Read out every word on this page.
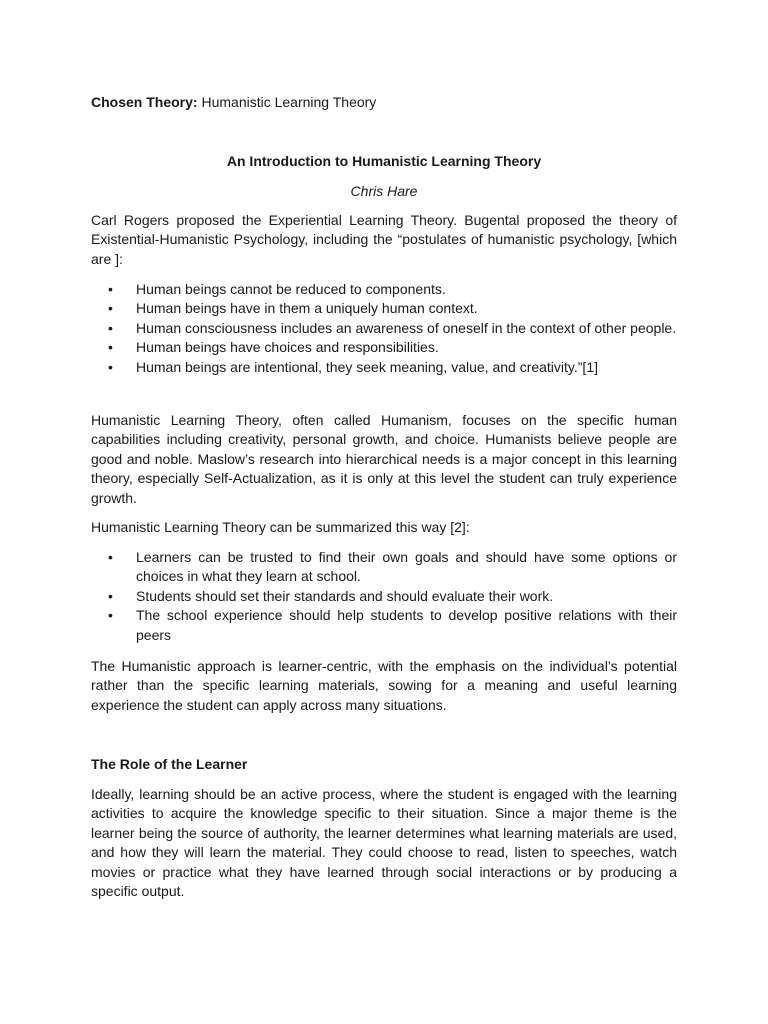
Chosen Theory: Humanistic Learning Theory
An Introduction to Humanistic Learning Theory
Chris Hare
Carl Rogers proposed the Experiential Learning Theory. Bugental proposed the theory of Existential-Humanistic Psychology, including the “postulates of humanistic psychology, [which are ]:
• Human beings cannot be reduced to components.
• Human beings have in them a uniquely human context.
• Human consciousness includes an awareness of oneself in the context of other people.
• Human beings have choices and responsibilities.
• Human beings are intentional, they seek meaning, value, and creativity.”[1]
Humanistic Learning Theory, often called Humanism, focuses on the specific human capabilities including creativity, personal growth, and choice. Humanists believe people are good and noble. Maslow’s research into hierarchical needs is a major concept in this learning theory, especially Self-Actualization, as it is only at this level the student can truly experience growth.
Humanistic Learning Theory can be summarized this way [2]:
• Learners can be trusted to find their own goals and should have some options or choices in what they learn at school.
• Students should set their standards and should evaluate their work.
• The school experience should help students to develop positive relations with their peers
The Humanistic approach is learner-centric, with the emphasis on the individual’s potential rather than the specific learning materials, sowing for a meaning and useful learning experience the student can apply across many situations.
The Role of the Learner
Ideally, learning should be an active process, where the student is engaged with the learning activities to acquire the knowledge specific to their situation. Since a major theme is the learner being the source of authority, the learner determines what learning materials are used, and how they will learn the material. They could choose to read, listen to speeches, watch movies or practice what they have learned through social interactions or by producing a specific output.
